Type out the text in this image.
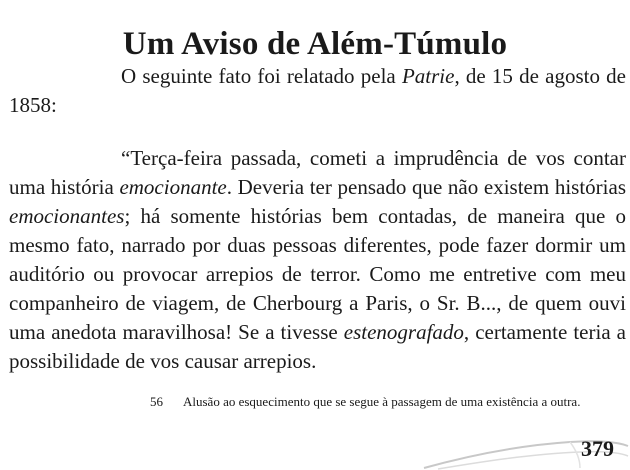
Um Aviso de Além-Túmulo

O seguinte fato foi relatado pela Patrie, de 15 de agosto de 1858:

“Terça-feira passada, cometi a imprudência de vos contar uma história emocionante. Deveria ter pensado que não existem histórias emocionantes; há somente histórias bem contadas, de maneira que o mesmo fato, narrado por duas pessoas diferentes, pode fazer dormir um auditório ou provocar arrepios de terror. Como me entretive com meu companheiro de viagem, de Cherbourg a Paris, o Sr. B..., de quem ouvi uma anedota maravilhosa! Se a tivesse estenografado, certamente teria a possibilidade de vos causar arrepios.

56 Alusão ao esquecimento que se segue à passagem de uma existência a outra.
379
